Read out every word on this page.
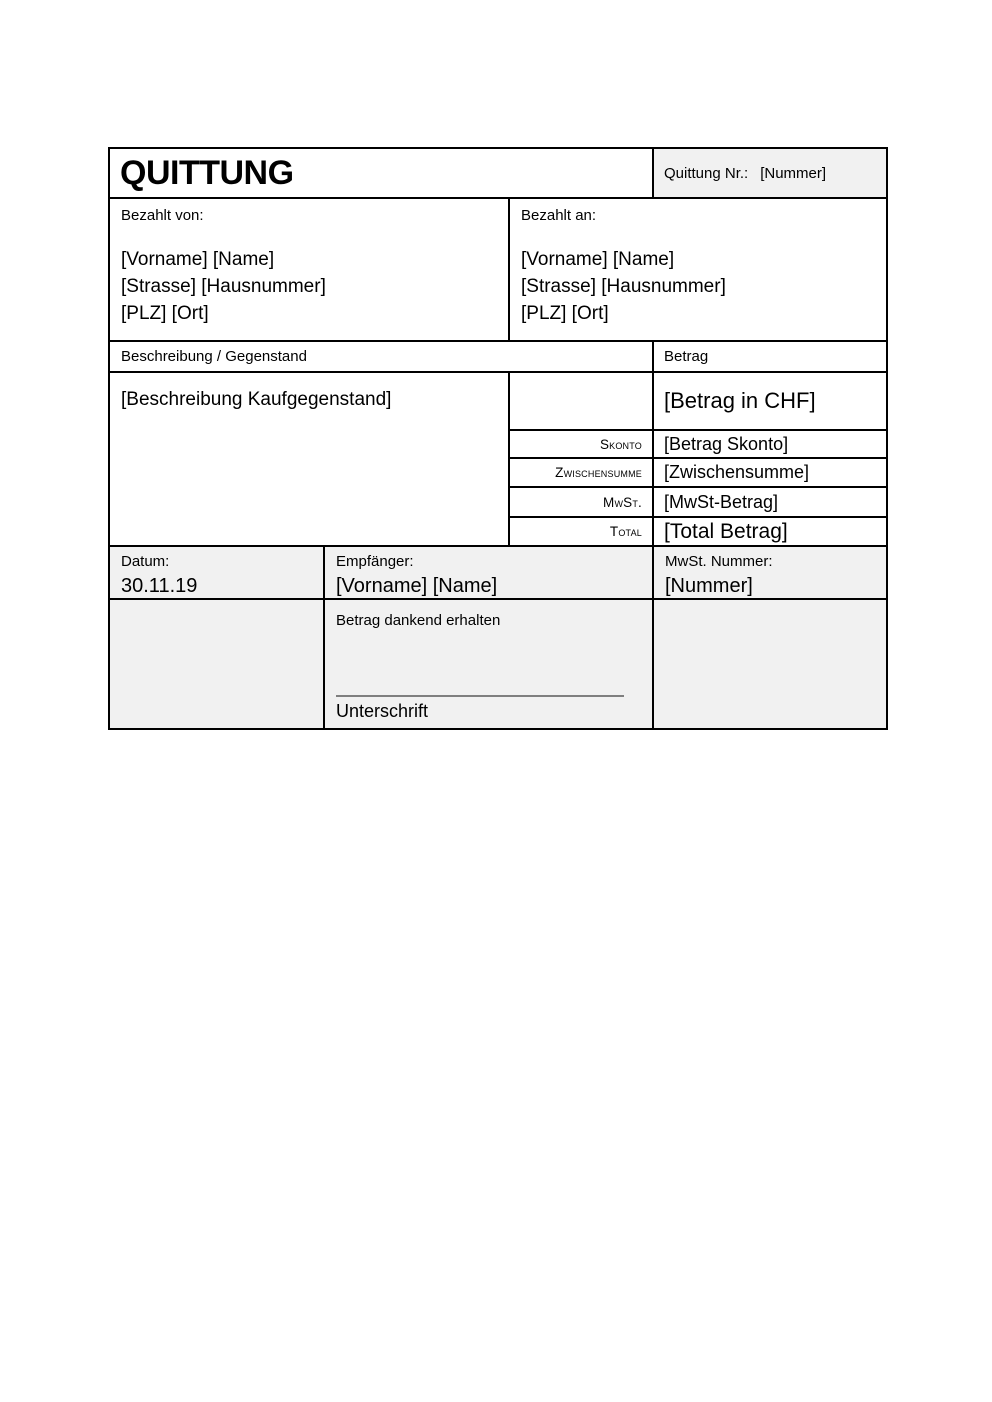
QUITTUNG	Quittung Nr.: [Nummer]
Bezahlt von:
[Vorname] [Name]
[Strasse] [Hausnummer]
[PLZ] [Ort]
Bezahlt an:
[Vorname] [Name]
[Strasse] [Hausnummer]
[PLZ] [Ort]
Beschreibung / Gegenstand	Betrag
[Beschreibung Kaufgegenstand]
Skonto
Zwischensumme
MwSt.
Total
[Betrag in CHF]
[Betrag Skonto]
[Zwischensumme]
[MwSt-Betrag]
[Total Betrag]
Datum:
30.11.19
Empfänger:
[Vorname] [Name]
MwSt. Nummer:
[Nummer]
Betrag dankend erhalten
Unterschrift
